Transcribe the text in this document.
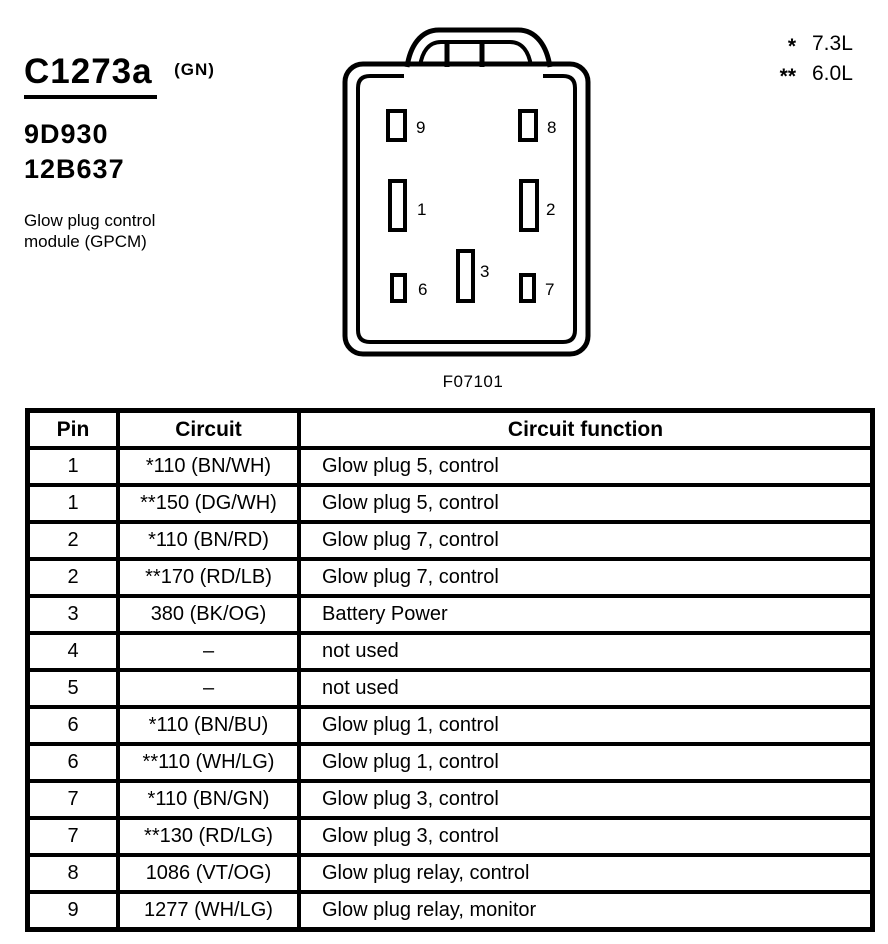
C1273a (GN)
9D930
12B637
Glow plug control
module (GPCM)
* 7.3L
** 6.0L
9	8
1	2
6
3
7
F07101
Pin	Circuit	Circuit function
1	*110 (BN/WH)	Glow plug 5, control
1	**150 (DG/WH)	Glow plug 5, control
2	*110 (BN/RD)	Glow plug 7, control
2	**170 (RD/LB)	Glow plug 7, control
3	380 (BK/OG)	Battery Power
4	–	not used
5	–	not used
6	*110 (BN/BU)	Glow plug 1, control
6	**110 (WH/LG)	Glow plug 1, control
7	*110 (BN/GN)	Glow plug 3, control
7	**130 (RD/LG)	Glow plug 3, control
8	1086 (VT/OG)	Glow plug relay, control
9	1277 (WH/LG)	Glow plug relay, monitor
